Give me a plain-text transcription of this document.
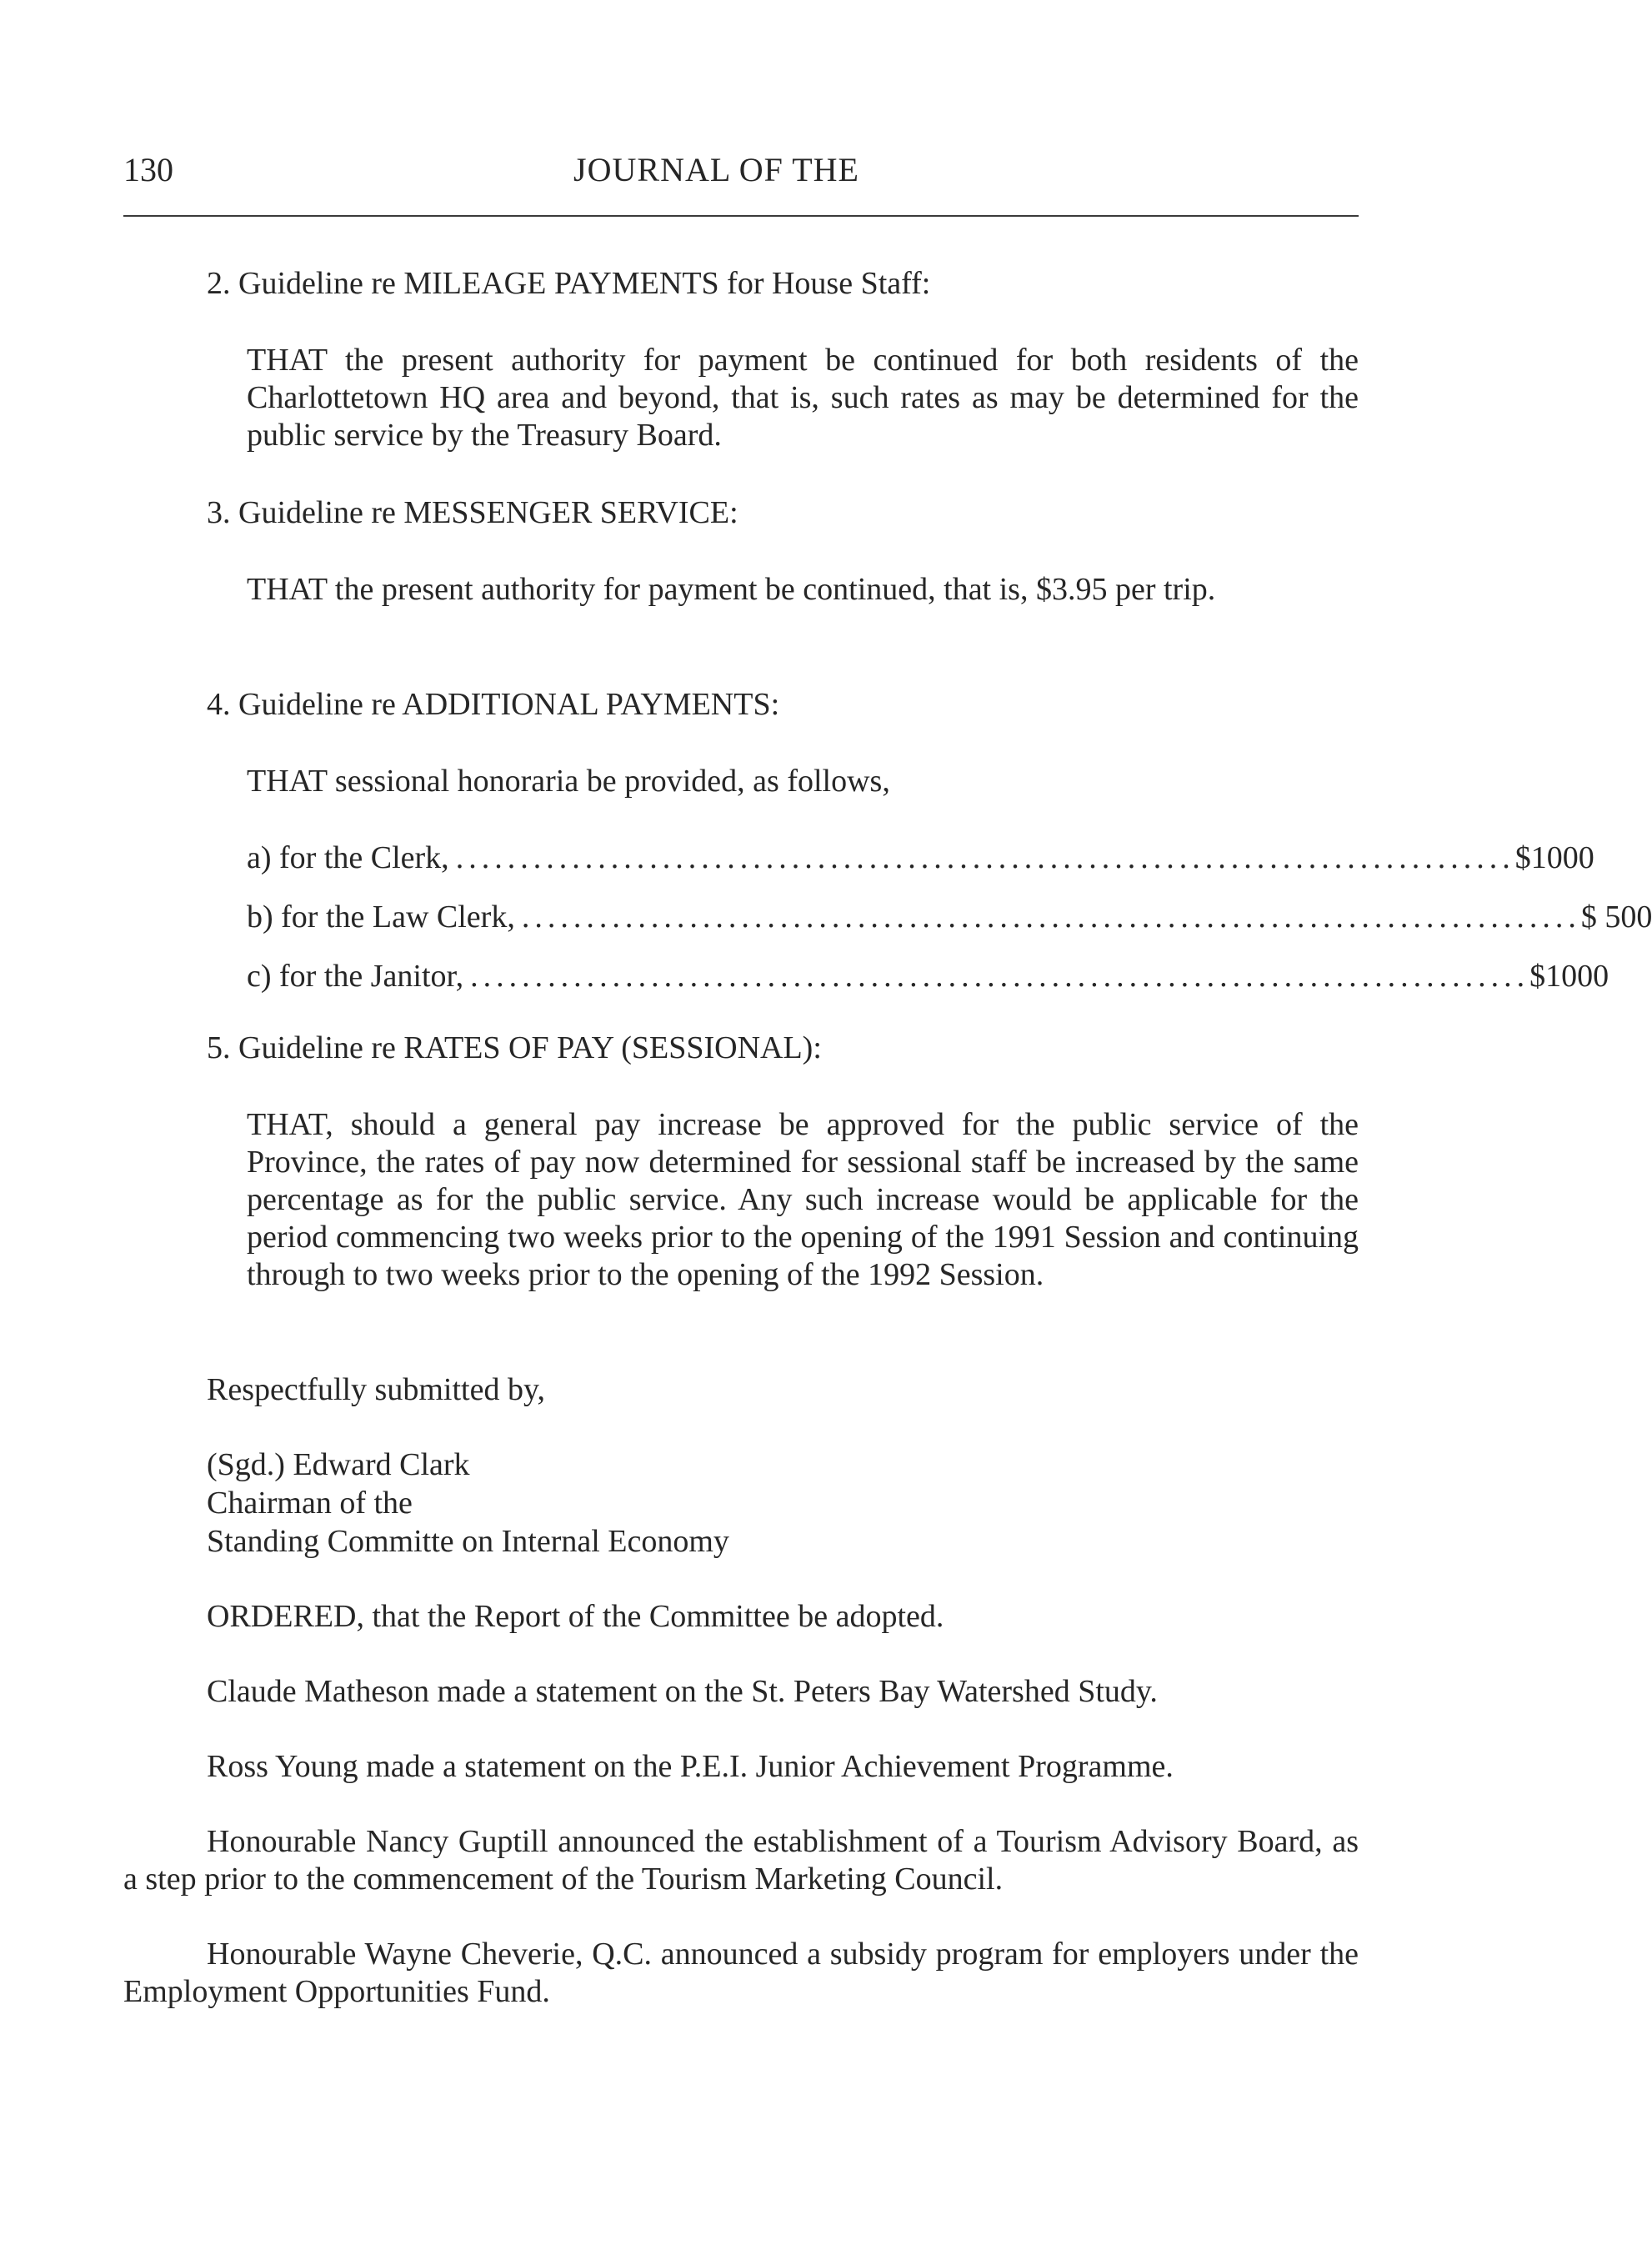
130	JOURNAL OF THE

2. Guideline re MILEAGE PAYMENTS for House Staff:

THAT the present authority for payment be continued for both residents of the Charlottetown HQ area and beyond, that is, such rates as may be determined for the public service by the Treasury Board.

3. Guideline re MESSENGER SERVICE:

THAT the present authority for payment be continued, that is, $3.95 per trip.

4. Guideline re ADDITIONAL PAYMENTS:

THAT sessional honoraria be provided, as follows,

a) for the Clerk, .................................................................................. $1000
b) for the Law Clerk, .................................................................................. $ 500
c) for the Janitor, .................................................................................. $1000

5. Guideline re RATES OF PAY (SESSIONAL):

THAT, should a general pay increase be approved for the public service of the Province, the rates of pay now determined for sessional staff be increased by the same percentage as for the public service. Any such increase would be applicable for the period commencing two weeks prior to the opening of the 1991 Session and continuing through to two weeks prior to the opening of the 1992 Session.

Respectfully submitted by,

(Sgd.) Edward Clark
Chairman of the
Standing Committe on Internal Economy

ORDERED, that the Report of the Committee be adopted.

Claude Matheson made a statement on the St. Peters Bay Watershed Study.

Ross Young made a statement on the P.E.I. Junior Achievement Programme.

Honourable Nancy Guptill announced the establishment of a Tourism Advisory Board, as a step prior to the commencement of the Tourism Marketing Council.

Honourable Wayne Cheverie, Q.C. announced a subsidy program for employers under the Employment Opportunities Fund.
